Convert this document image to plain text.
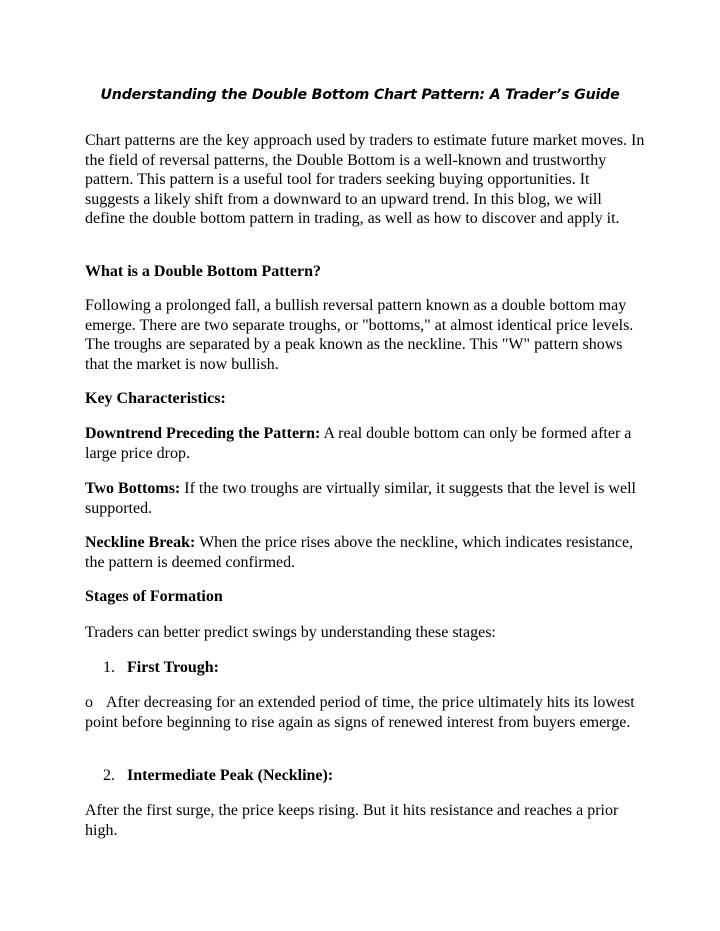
Understanding the Double Bottom Chart Pattern: A Trader’s Guide

Chart patterns are the key approach used by traders to estimate future market moves. In the field of reversal patterns, the Double Bottom is a well-known and trustworthy pattern. This pattern is a useful tool for traders seeking buying opportunities. It suggests a likely shift from a downward to an upward trend. In this blog, we will define the double bottom pattern in trading, as well as how to discover and apply it.

What is a Double Bottom Pattern?

Following a prolonged fall, a bullish reversal pattern known as a double bottom may emerge. There are two separate troughs, or "bottoms," at almost identical price levels. The troughs are separated by a peak known as the neckline. This "W" pattern shows that the market is now bullish.

Key Characteristics:

Downtrend Preceding the Pattern: A real double bottom can only be formed after a large price drop.

Two Bottoms: If the two troughs are virtually similar, it suggests that the level is well supported.

Neckline Break: When the price rises above the neckline, which indicates resistance, the pattern is deemed confirmed.

Stages of Formation

Traders can better predict swings by understanding these stages:

1. First Trough:

o After decreasing for an extended period of time, the price ultimately hits its lowest point before beginning to rise again as signs of renewed interest from buyers emerge.

2. Intermediate Peak (Neckline):

After the first surge, the price keeps rising. But it hits resistance and reaches a prior high.
